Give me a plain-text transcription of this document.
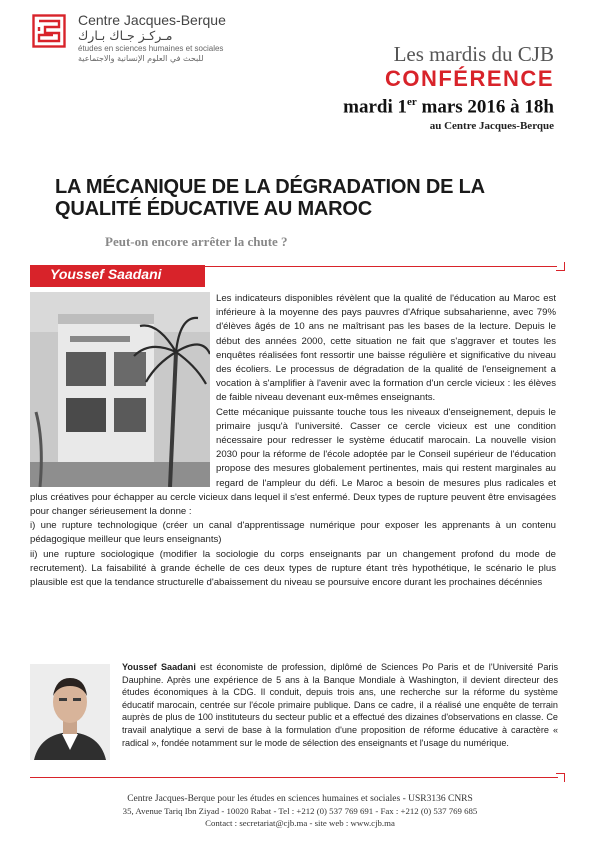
Centre Jacques-Berque
مـركـز جـاك بـارك
études en sciences humaines et sociales
للبحث في العلوم الإنسانية والاجتماعية	Les mardis du CJB
CONFÉRENCE
mardi 1er mars 2016 à 18h
au Centre Jacques-Berque
LA MÉCANIQUE DE LA DÉGRADATION DE LA QUALITÉ ÉDUCATIVE AU MAROC
Peut-on encore arrêter la chute ?
Youssef Saadani

Les indicateurs disponibles révèlent que la qualité de l'éducation au Maroc est inférieure à la moyenne des pays pauvres d'Afrique subsaharienne, avec 79% d'élèves âgés de 10 ans ne maîtrisant pas les bases de la lecture. Depuis le début des années 2000, cette situation ne fait que s'aggraver et toutes les enquêtes réalisées font ressortir une baisse régulière et significative du niveau des écoliers. Le processus de dégradation de la qualité de l'enseignement a vocation à s'amplifier à l'avenir avec la formation d'un cercle vicieux : les élèves de faible niveau devenant eux-mêmes enseignants.

Cette mécanique puissante touche tous les niveaux d'enseignement, depuis le primaire jusqu'à l'université. Casser ce cercle vicieux est une condition nécessaire pour redresser le système éducatif marocain. La nouvelle vision 2030 pour la réforme de l'école adoptée par le Conseil supérieur de l'éducation propose des mesures globalement pertinentes, mais qui restent marginales au regard de l'ampleur du défi. Le Maroc a besoin de mesures plus radicales et plus créatives pour échapper au cercle vicieux dans lequel il s'est enfermé. Deux types de rupture peuvent être envisagées pour changer sérieusement la donne :

i) une rupture technologique (créer un canal d'apprentissage numérique pour exposer les apprenants à un contenu pédagogique meilleur que leurs enseignants)

ii) une rupture sociologique (modifier la sociologie du corps enseignants par un changement profond du mode de recrutement). La faisabilité à grande échelle de ces deux types de rupture étant très hypothétique, le scénario le plus plausible est que la tendance structurelle d'abaissement du niveau se poursuive encore durant les prochaines décénnies

Youssef Saadani est économiste de profession, diplômé de Sciences Po Paris et de l'Université Paris Dauphine. Après une expérience de 5 ans à la Banque Mondiale à Washington, il devient directeur des études économiques à la CDG. Il conduit, depuis trois ans, une recherche sur la réforme du système éducatif marocain, centrée sur l'école primaire publique. Dans ce cadre, il a réalisé une enquête de terrain auprès de plus de 100 instituteurs du secteur public et a effectué des dizaines d'observations en classe. Ce travail analytique a servi de base à la formulation d'une proposition de réforme éducative à caractère « radical », fondée notamment sur le mode de sélection des enseignants et l'usage du numérique.
Centre Jacques-Berque pour les études en sciences humaines et sociales - USR3136 CNRS
35, Avenue Tariq Ibn Ziyad - 10020 Rabat - Tel : +212 (0) 537 769 691 - Fax : +212 (0) 537 769 685
Contact : secretariat@cjb.ma - site web : www.cjb.ma
